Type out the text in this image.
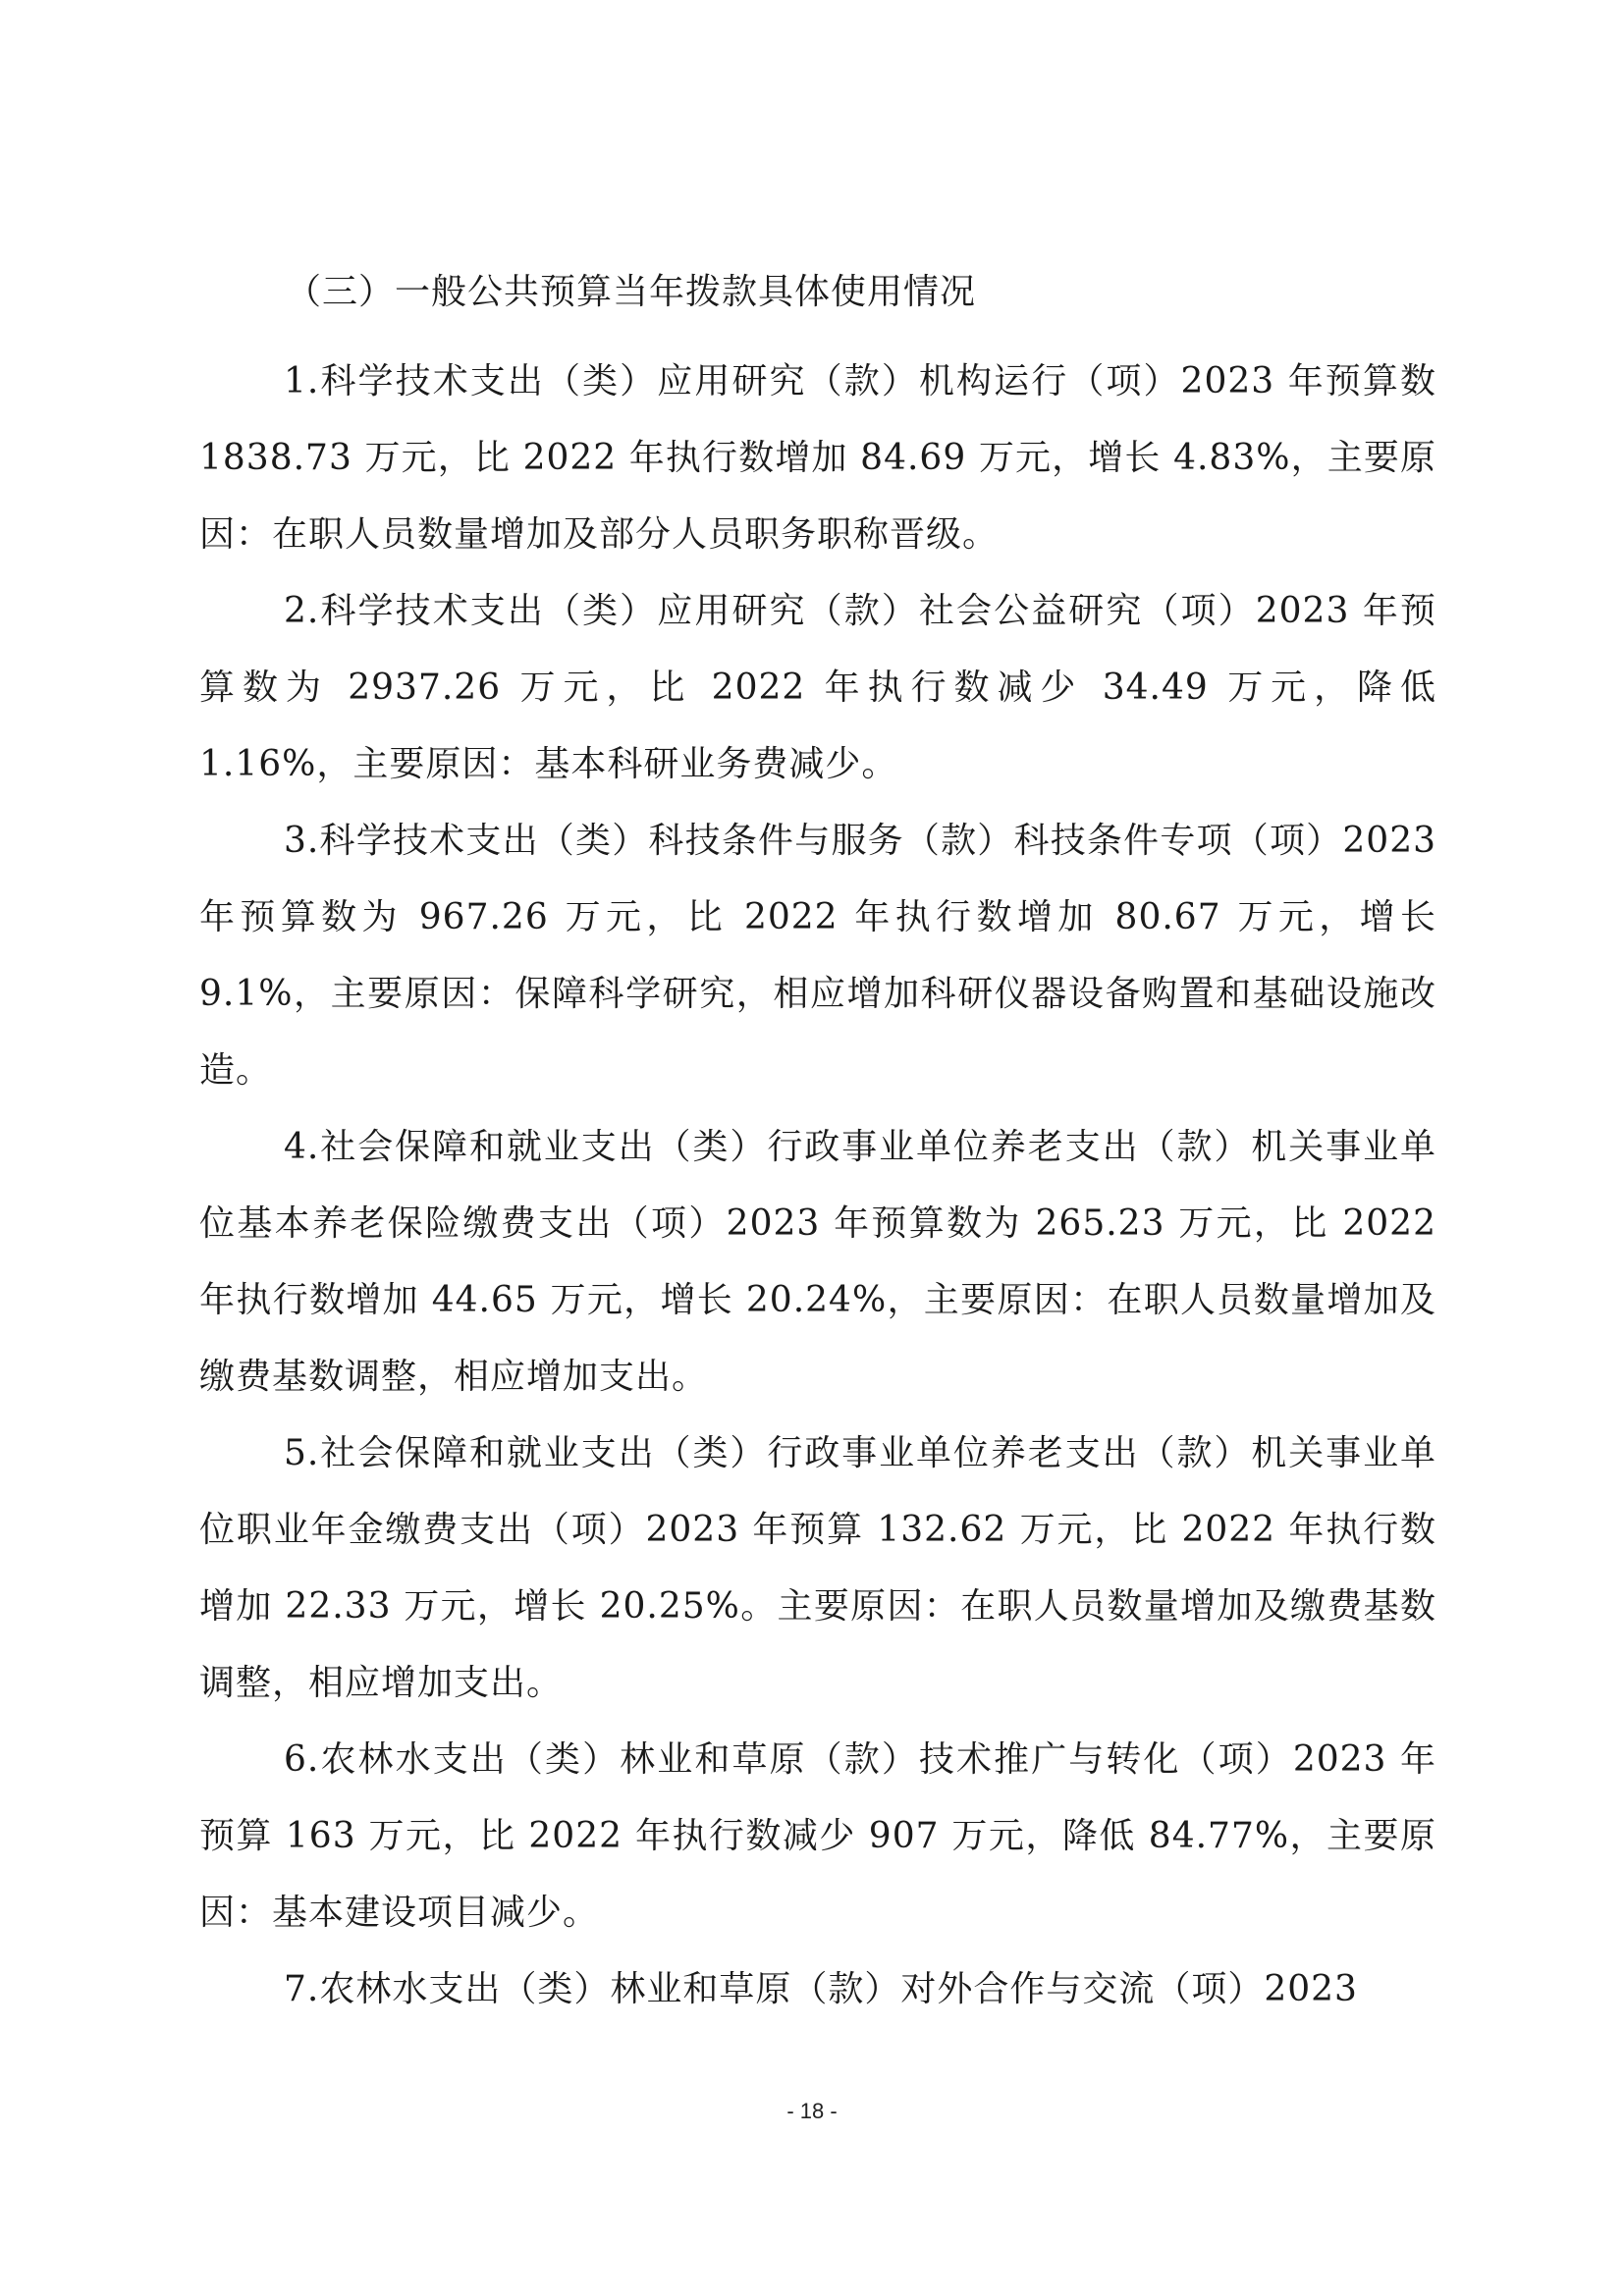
（三）一般公共预算当年拨款具体使用情况

1.科学技术支出（类）应用研究（款）机构运行（项）2023 年预算数 1838.73 万元，比 2022 年执行数增加 84.69 万元，增长 4.83%，主要原因：在职人员数量增加及部分人员职务职称晋级。

2.科学技术支出（类）应用研究（款）社会公益研究（项）2023 年预算数为 2937.26 万元，比 2022 年执行数减少 34.49 万元，降低 1.16%，主要原因：基本科研业务费减少。

3.科学技术支出（类）科技条件与服务（款）科技条件专项（项）2023 年预算数为 967.26 万元，比 2022 年执行数增加 80.67 万元，增长 9.1%，主要原因：保障科学研究，相应增加科研仪器设备购置和基础设施改造。

4.社会保障和就业支出（类）行政事业单位养老支出（款）机关事业单位基本养老保险缴费支出（项）2023 年预算数为 265.23 万元，比 2022 年执行数增加 44.65 万元，增长 20.24%，主要原因：在职人员数量增加及缴费基数调整，相应增加支出。

5.社会保障和就业支出（类）行政事业单位养老支出（款）机关事业单位职业年金缴费支出（项）2023 年预算 132.62 万元，比 2022 年执行数增加 22.33 万元，增长 20.25%。主要原因：在职人员数量增加及缴费基数调整，相应增加支出。

6.农林水支出（类）林业和草原（款）技术推广与转化（项）2023 年预算 163 万元，比 2022 年执行数减少 907 万元，降低 84.77%，主要原因：基本建设项目减少。

7.农林水支出（类）林业和草原（款）对外合作与交流（项）2023

- 18 -
